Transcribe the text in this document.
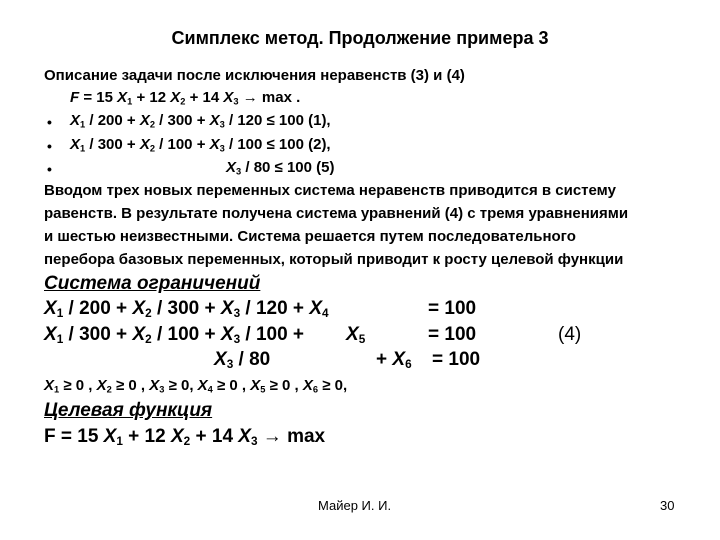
Симплекс метод. Продолжение примера 3
Описание задачи после исключения неравенств (3) и (4)
F = 15 $X_1 + 12$ $X_2 + 14$ $X_3 \to \max$ .
• $X_1 / 200 + X_2 / 300 + X_3 / 120 \le 100$ (1),
• $X_1 / 300 + X_2 / 100 + X_3 / 100 \le 100$ (2),
•	$X_3 / 80 \le 100$ (5)
Вводом трех новых переменных система неравенств приводится в систему
равенств. В результате получена система уравнений (4) с тремя уравнениями
и шестью неизвестными. Система решается путем последовательного
перебора базовых переменных, который приводит к росту целевой функции
Система ограничений
$X_1 / 200 + X_2 / 300 + X_3 / 120 + X_4$	= 100
$X_1 / 300 + X_2 / 100 + X_3 / 100 + X_5$	= 100	(4)
$X_3 / 80$	+ $X_6 = 100$
$X_1 \ge 0$ , $X_2 \ge 0$ , $X_3 \ge 0$, $X_4 \ge 0$ , $X_5 \ge 0$ , $X_6 \ge 0$,
Целевая функция
F = 15 $X_1 + 12$ $X_2 + 14$ $X_3 \to \max$
Майер И. И.	30
